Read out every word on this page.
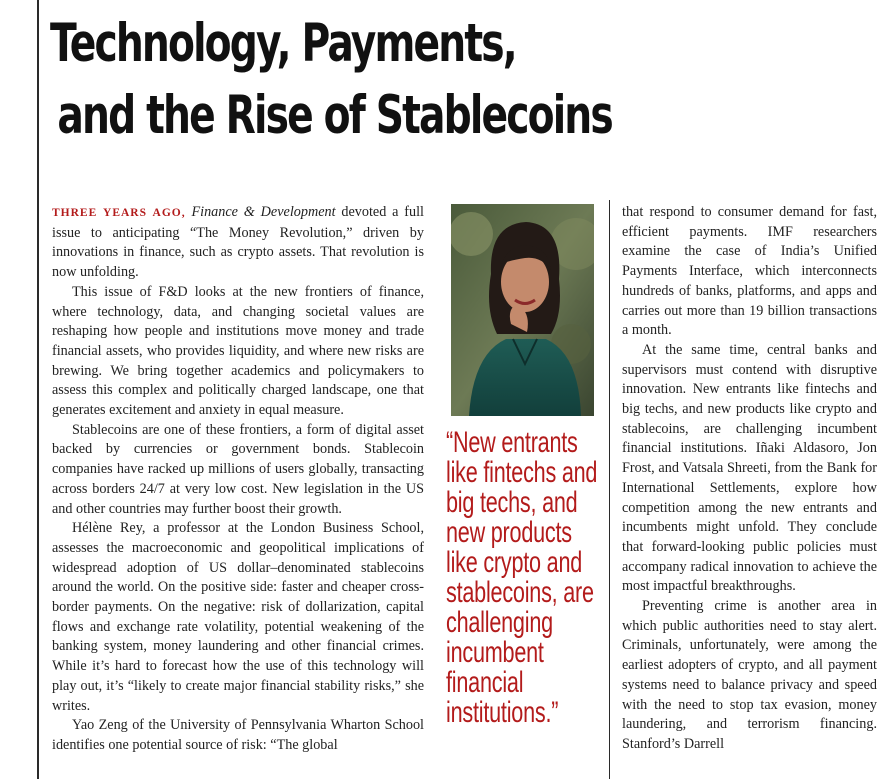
Technology, Payments,
and the Rise of Stablecoins

THREE YEARS AGO, Finance & Development devoted a full issue to anticipating “The Money Revolution,” driven by innovations in finance, such as crypto assets. That revolution is now unfolding.

This issue of F&D looks at the new frontiers of finance, where technology, data, and changing societal values are reshaping how people and institutions move money and trade financial assets, who provides liquidity, and where new risks are brewing. We bring together academics and policymakers to assess this complex and politically charged landscape, one that generates excitement and anxiety in equal measure.

Stablecoins are one of these frontiers, a form of digital asset backed by currencies or government bonds. Stablecoin companies have racked up millions of users globally, transacting across borders 24/7 at very low cost. New legislation in the US and other countries may further boost their growth.

Hélène Rey, a professor at the London Business School, assesses the macroeconomic and geopolitical implications of widespread adoption of US dollar–denominated stablecoins around the world. On the positive side: faster and cheaper cross-border payments. On the negative: risk of dollarization, capital flows and exchange rate volatility, potential weakening of the banking system, money laundering and other financial crimes. While it’s hard to forecast how the use of this technology will play out, it’s “likely to create major financial stability risks,” she writes.

Yao Zeng of the University of Pennsylvania Wharton School identifies one potential source of risk: “The global

“New entrants
like fintechs and
big techs, and
new products
like crypto and
stablecoins, are
challenging
incumbent
financial
institutions.”

that respond to consumer demand for fast, efficient payments. IMF researchers examine the case of India’s Unified Payments Interface, which interconnects hundreds of banks, platforms, and apps and carries out more than 19 billion transactions a month.

At the same time, central banks and supervisors must contend with disruptive innovation. New entrants like fintechs and big techs, and new products like crypto and stablecoins, are challenging incumbent financial institutions. Iñaki Aldasoro, Jon Frost, and Vatsala Shreeti, from the Bank for International Settlements, explore how competition among the new entrants and incumbents might unfold. They conclude that forward-looking public policies must accompany radical innovation to achieve the most impactful breakthroughs.

Preventing crime is another area in which public authorities need to stay alert. Criminals, unfortunately, were among the earliest adopters of crypto, and all payment systems need to balance privacy and speed with the need to stop tax evasion, money laundering, and terrorism financing. Stanford’s Darrell
